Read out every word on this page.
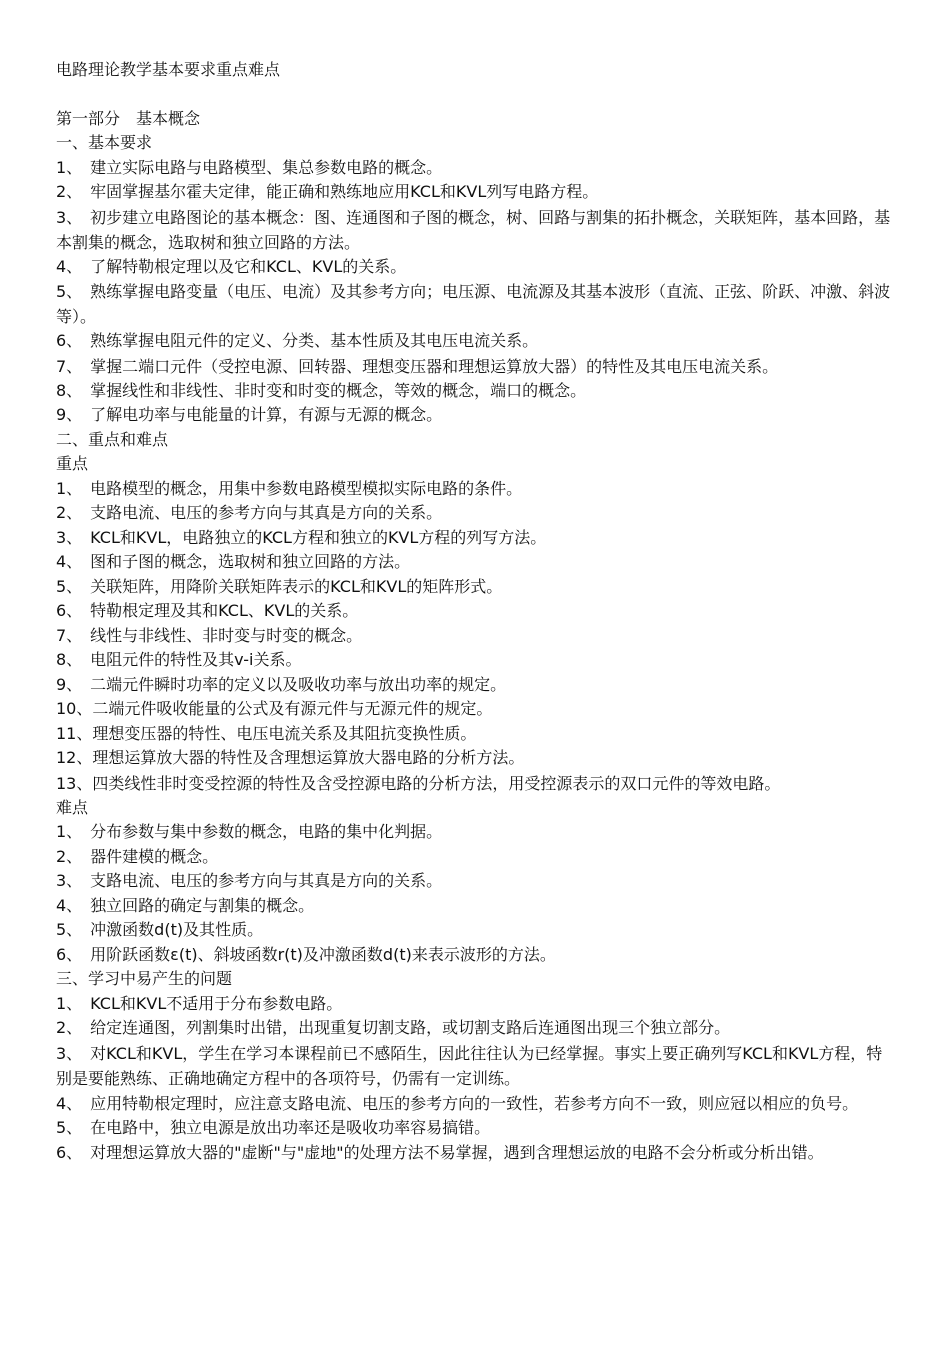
电路理论教学基本要求重点难点

第一部分　基本概念

一、基本要求

1、　建立实际电路与电路模型、集总参数电路的概念。

2、　牢固掌握基尔霍夫定律，能正确和熟练地应用KCL和KVL列写电路方程。

3、　初步建立电路图论的基本概念：图、连通图和子图的概念，树、回路与割集的拓扑概念，关联矩阵，基本回路，基本割集的概念，选取树和独立回路的方法。

4、　了解特勒根定理以及它和KCL、KVL的关系。

5、　熟练掌握电路变量（电压、电流）及其参考方向；电压源、电流源及其基本波形（直流、正弦、阶跃、冲激、斜波等）。

6、　熟练掌握电阻元件的定义、分类、基本性质及其电压电流关系。

7、　掌握二端口元件（受控电源、回转器、理想变压器和理想运算放大器）的特性及其电压电流关系。

8、　掌握线性和非线性、非时变和时变的概念，等效的概念，端口的概念。

9、　了解电功率与电能量的计算，有源与无源的概念。

二、重点和难点

重点

1、　电路模型的概念，用集中参数电路模型模拟实际电路的条件。

2、　支路电流、电压的参考方向与其真是方向的关系。

3、　KCL和KVL，电路独立的KCL方程和独立的KVL方程的列写方法。

4、　图和子图的概念，选取树和独立回路的方法。

5、　关联矩阵，用降阶关联矩阵表示的KCL和KVL的矩阵形式。

6、　特勒根定理及其和KCL、KVL的关系。

7、　线性与非线性、非时变与时变的概念。

8、　电阻元件的特性及其v-i关系。

9、　二端元件瞬时功率的定义以及吸收功率与放出功率的规定。

10、二端元件吸收能量的公式及有源元件与无源元件的规定。

11、理想变压器的特性、电压电流关系及其阻抗变换性质。

12、理想运算放大器的特性及含理想运算放大器电路的分析方法。

13、四类线性非时变受控源的特性及含受控源电路的分析方法，用受控源表示的双口元件的等效电路。

难点

1、　分布参数与集中参数的概念，电路的集中化判据。

2、　器件建模的概念。

3、　支路电流、电压的参考方向与其真是方向的关系。

4、　独立回路的确定与割集的概念。

5、　冲激函数d(t)及其性质。

6、　用阶跃函数ε(t)、斜坡函数r(t)及冲激函数d(t)来表示波形的方法。

三、学习中易产生的问题

1、　KCL和KVL不适用于分布参数电路。

2、　给定连通图，列割集时出错，出现重复切割支路，或切割支路后连通图出现三个独立部分。

3、　对KCL和KVL，学生在学习本课程前已不感陌生，因此往往认为已经掌握。事实上要正确列写KCL和KVL方程，特别是要能熟练、正确地确定方程中的各项符号，仍需有一定训练。

4、　应用特勒根定理时，应注意支路电流、电压的参考方向的一致性，若参考方向不一致，则应冠以相应的负号。

5、　在电路中，独立电源是放出功率还是吸收功率容易搞错。

6、　对理想运算放大器的"虚断"与"虚地"的处理方法不易掌握，遇到含理想运放的电路不会分析或分析出错。
